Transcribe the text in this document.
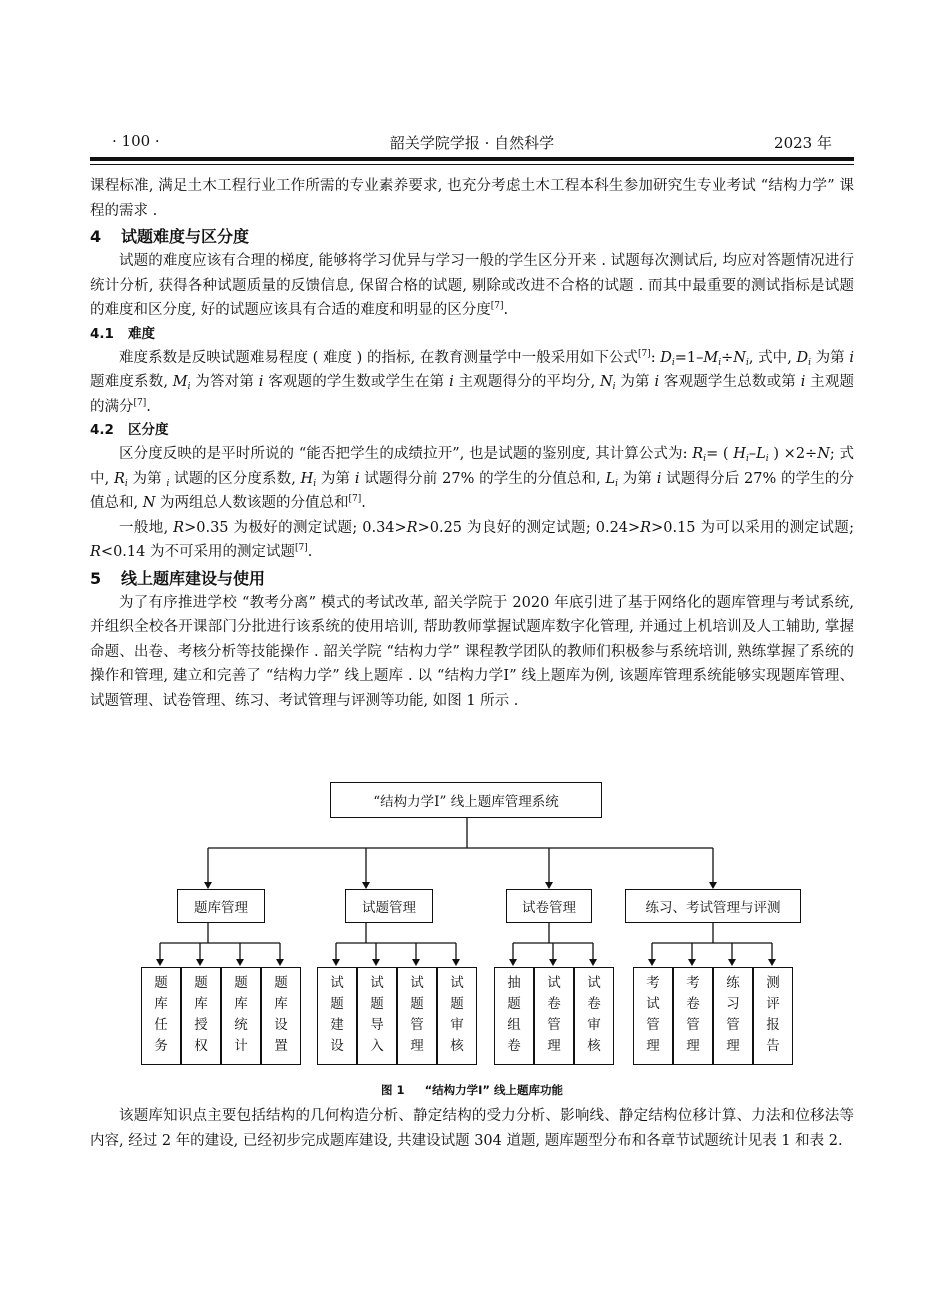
· 100 ·	韶关学院学报 · 自然科学	2023 年

课程标准, 满足土木工程行业工作所需的专业素养要求, 也充分考虑土木工程本科生参加研究生专业考试 “结构力学” 课程的需求 .

4 试题难度与区分度

试题的难度应该有合理的梯度, 能够将学习优异与学习一般的学生区分开来 . 试题每次测试后, 均应对答题情况进行统计分析, 获得各种试题质量的反馈信息, 保留合格的试题, 剔除或改进不合格的试题 . 而其中最重要的测试指标是试题的难度和区分度, 好的试题应该具有合适的难度和明显的区分度[7].

4.1 难度

难度系数是反映试题难易程度 ( 难度 ) 的指标, 在教育测量学中一般采用如下公式[7]: $D_i=1-M_i\div N_i$, 式中, $D_i$ 为第 i 题难度系数, $M_i$ 为答对第 i 客观题的学生数或学生在第 i 主观题得分的平均分, $N_i$ 为第 i 客观题学生总数或第 i 主观题的满分[7].

4.2 区分度

区分度反映的是平时所说的 “能否把学生的成绩拉开”, 也是试题的鉴别度, 其计算公式为: $R_i=$ ( $H_i-L_i$ ) ×2÷N; 式中, $R_i$ 为第 $_i$ 试题的区分度系数, $H_i$ 为第 i 试题得分前 27% 的学生的分值总和, $L_i$ 为第 i 试题得分后 27% 的学生的分值总和, N 为两组总人数该题的分值总和[7].

一般地, R>0.35 为极好的测定试题; 0.34>R>0.25 为良好的测定试题; 0.24>R>0.15 为可以采用的测定试题; R<0.14 为不可采用的测定试题[7].

5 线上题库建设与使用

为了有序推进学校 “教考分离” 模式的考试改革, 韶关学院于 2020 年底引进了基于网络化的题库管理与考试系统, 并组织全校各开课部门分批进行该系统的使用培训, 帮助教师掌握试题库数字化管理, 并通过上机培训及人工辅助, 掌握命题、出卷、考核分析等技能操作 . 韶关学院 “结构力学” 课程教学团队的教师们积极参与系统培训, 熟练掌握了系统的操作和管理, 建立和完善了 “结构力学” 线上题库 . 以 “结构力学Ⅰ” 线上题库为例, 该题库管理系统能够实现题库管理、试题管理、试卷管理、练习、考试管理与评测等功能, 如图 1 所示 .

“结构力学Ⅰ” 线上题库管理系统
题库管理	试题管理	试卷管理	练习、考试管理与评测
题
库
任
务
题
库
授
权
题
库
统
计
题
库
设
置
试
题
建
设
试
题
导
入
试
题
管
理
试
题
审
核
抽
题
组
卷
试
卷
管
理
试
卷
审
核
考
试
管
理
考
卷
管
理
练
习
管
理
测
评
报
告
图 1 “结构力学Ⅰ” 线上题库功能

该题库知识点主要包括结构的几何构造分析、静定结构的受力分析、影响线、静定结构位移计算、力法和位移法等内容, 经过 2 年的建设, 已经初步完成题库建设, 共建设试题 304 道题, 题库题型分布和各章节试题统计见表 1 和表 2.
